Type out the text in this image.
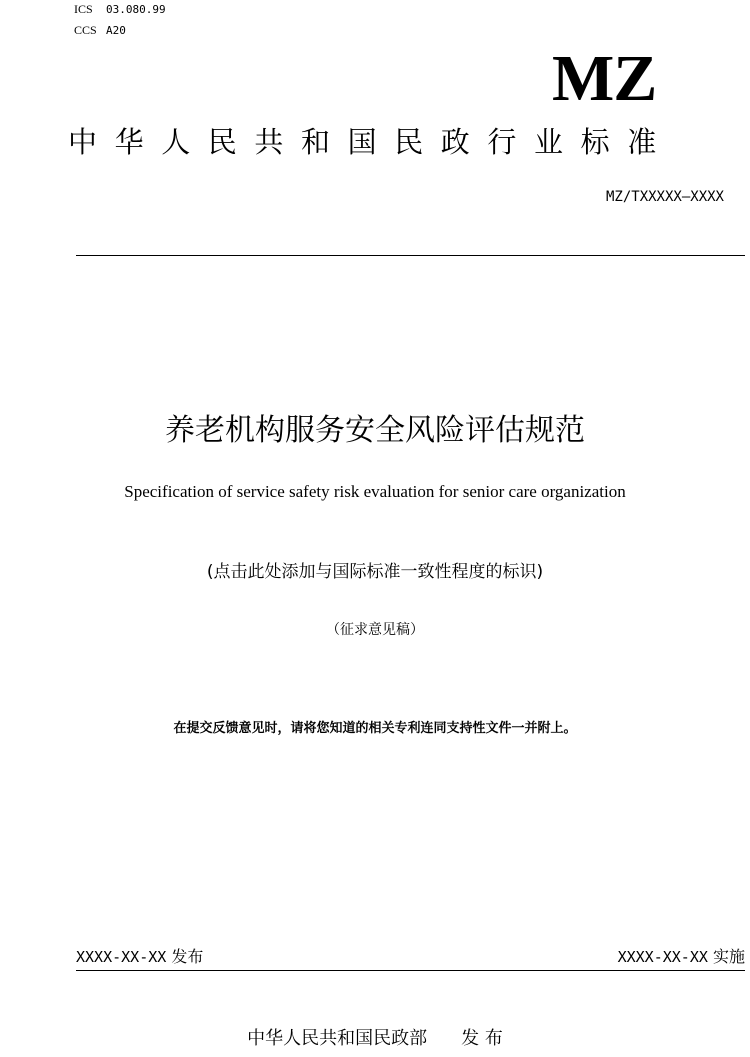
ICS 03.080.99
CCS A20
MZ
中华人民共和国民政行业标准
MZ/TXXXXX—XXXX
养老机构服务安全风险评估规范
Specification of service safety risk evaluation for senior care organization
(点击此处添加与国际标准一致性程度的标识)
（征求意见稿）
在提交反馈意见时，请将您知道的相关专利连同支持性文件一并附上。
XXXX-XX-XX 发布	XXXX-XX-XX 实施
中华人民共和国民政部 发 布
